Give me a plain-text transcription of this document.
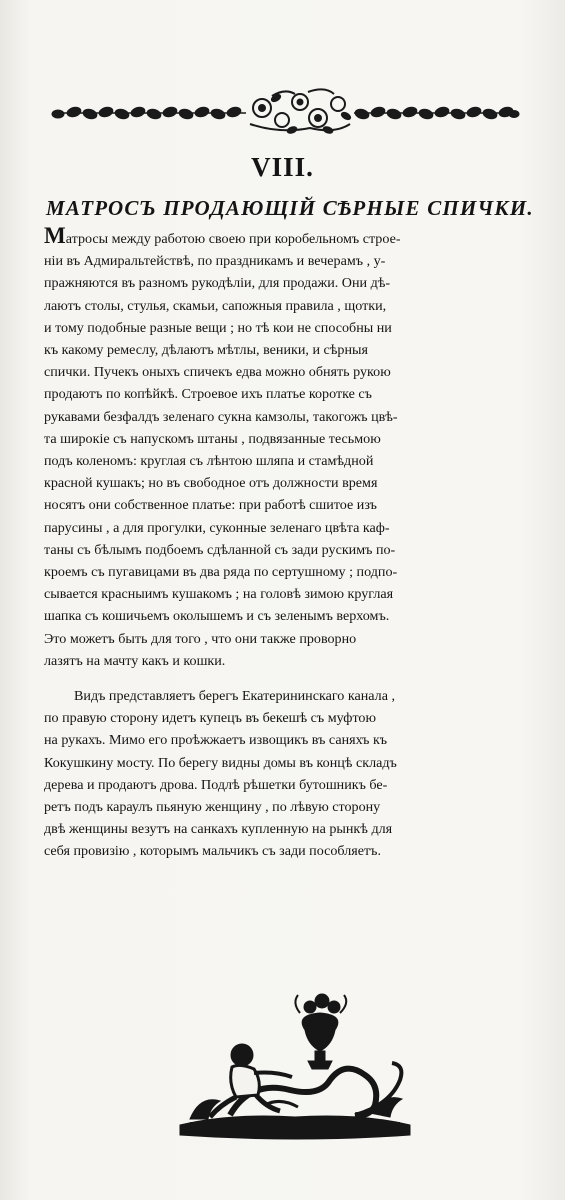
VIII.
МАТРОСЪ ПРОДАЮЩІЙ СѢРНЫЕ СПИЧКИ.
Матросы между работою своею при коробельномъ строе-
ніи въ Адмиральтействѣ, по праздникамъ и вечерамъ , у-
пражняются въ разномъ рукодѣліи, для продажи. Они дѣ-
лаютъ столы, стулья, скамьи, сапожныя правила , щотки,
и тому подобные разные вещи ; но тѣ кои не способны ни
къ какому ремеслу, дѣлаютъ мѣтлы, веники, и сѣрныя
спички. Пучекъ оныхъ спичекъ едва можно обнять рукою
продаютъ по копѣйкѣ. Строевое ихъ платье коротке съ
рукавами безфалдъ зеленаго сукна камзолы, такогожъ цвѣ-
та широкіе съ напускомъ штаны , подвязанные тесьмою
подъ коленомъ: круглая съ лѣнтою шляпа и стамѣдной
красной кушакъ; но въ свободное отъ должности время
носятъ они собственное платье: при работѣ сшитое изъ
парусины , а для прогулки, суконные зеленаго цвѣта каф-
таны съ бѣлымъ подбоемъ сдѣланной съ зади рускимъ по-
кроемъ съ пугавицами въ два ряда по сертушному ; подпо-
сывается красныимъ кушакомъ ; на головѣ зимою круглая
шапка съ кошичьемъ околышемъ и съ зеленымъ верхомъ.
Это можетъ быть для того , что они также проворно
лазятъ на мачту какъ и кошки.
Видъ представляетъ берегъ Екатерининскаго канала ,
по правую сторону идетъ купецъ въ бекешѣ съ муфтою
на рукахъ. Мимо его проѣжжаетъ извощикъ въ саняхъ къ
Кокушкину мосту. По берегу видны домы въ концѣ складъ
дерева и продаютъ дрова. Подлѣ рѣшетки бутошникъ бе-
ретъ подъ караулъ пьяную женщину , по лѣвую сторону
двѣ женщины везутъ на санкахъ купленную на рынкѣ для
себя провизію , которымъ мальчикъ съ зади пособляетъ.
